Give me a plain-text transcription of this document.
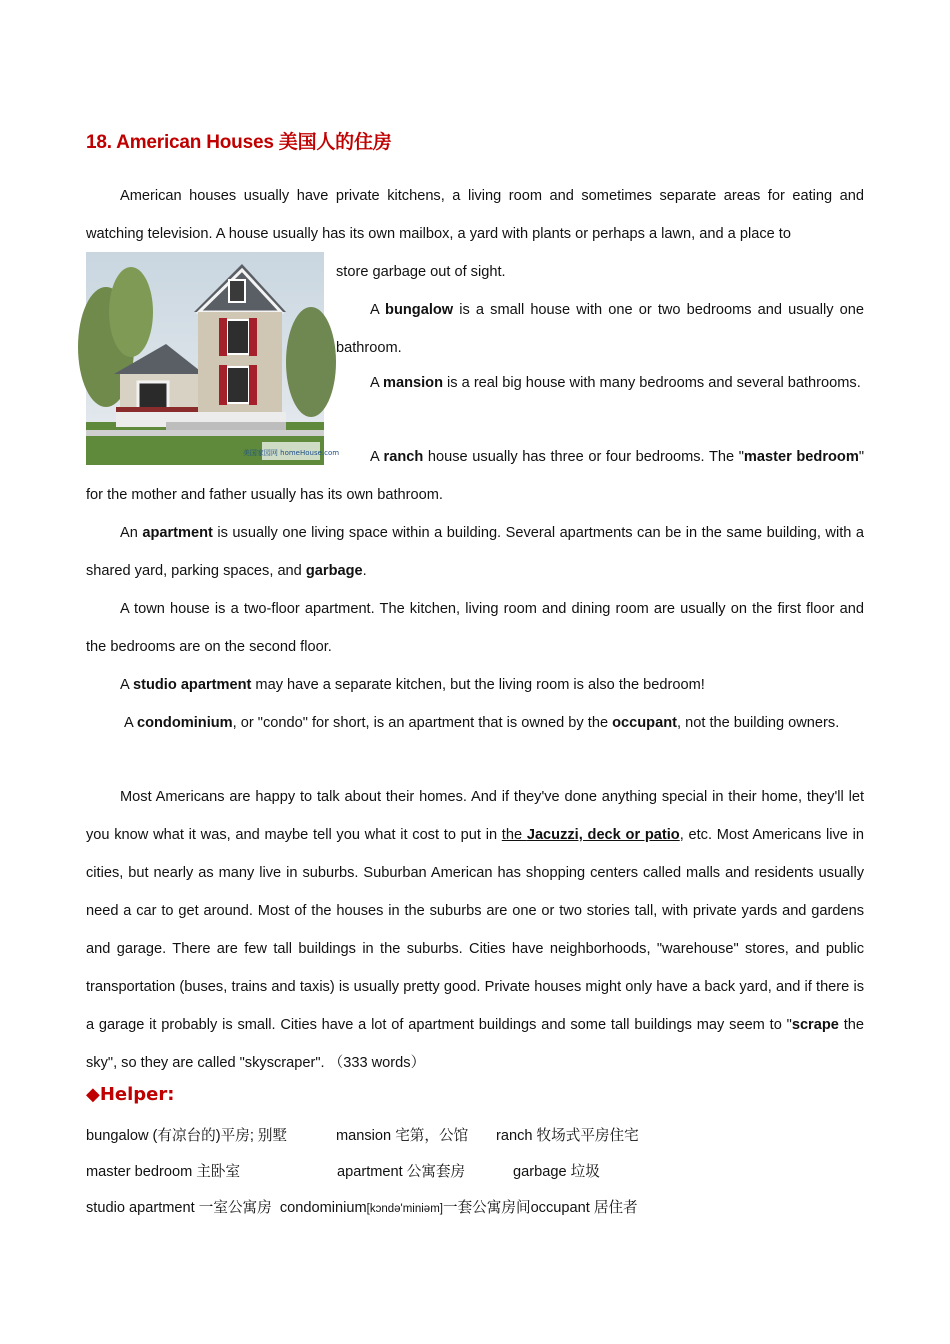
18. American Houses 美国人的住房
美国家园网 homeHouse.com
American houses usually have private kitchens, a living room and sometimes separate areas for eating and watching television. A house usually has its own mailbox, a yard with plants or perhaps a lawn, and a place to
store garbage out of sight.
A bungalow is a small house with one or two bedrooms and usually one bathroom.
A mansion is a real big house with many bedrooms and several bathrooms.
A ranch house usually has three or four bedrooms. The "master bedroom" for the mother and father usually has its own bathroom.
An apartment is usually one living space within a building. Several apartments can be in the same building, with a shared yard, parking spaces, and garbage.
A town house is a two-floor apartment. The kitchen, living room and dining room are usually on the first floor and the bedrooms are on the second floor.
A studio apartment may have a separate kitchen, but the living room is also the bedroom!
A condominium, or "condo" for short, is an apartment that is owned by the occupant, not the building owners.
Most Americans are happy to talk about their homes. And if they've done anything special in their home, they'll let you know what it was, and maybe tell you what it cost to put in the Jacuzzi, deck or patio, etc. Most Americans live in cities, but nearly as many live in suburbs. Suburban American has shopping centers called malls and residents usually need a car to get around. Most of the houses in the suburbs are one or two stories tall, with private yards and gardens and garage. There are few tall buildings in the suburbs. Cities have neighborhoods, "warehouse" stores, and public transportation (buses, trains and taxis) is usually pretty good. Private houses might only have a back yard, and if there is a garage it probably is small. Cities have a lot of apartment buildings and some tall buildings may seem to "scrape the sky", so they are called "skyscraper". （333 words）
◆Helper:
bungalow (有凉台的)平房; 别墅	mansion 宅第，公馆 ranch 牧场式平房住宅
master bedroom 主卧室	apartment 公寓套房	garbage 垃圾
studio apartment 一室公寓房 condominium[kɔndə'miniəm]一套公寓房间occupant 居住者
